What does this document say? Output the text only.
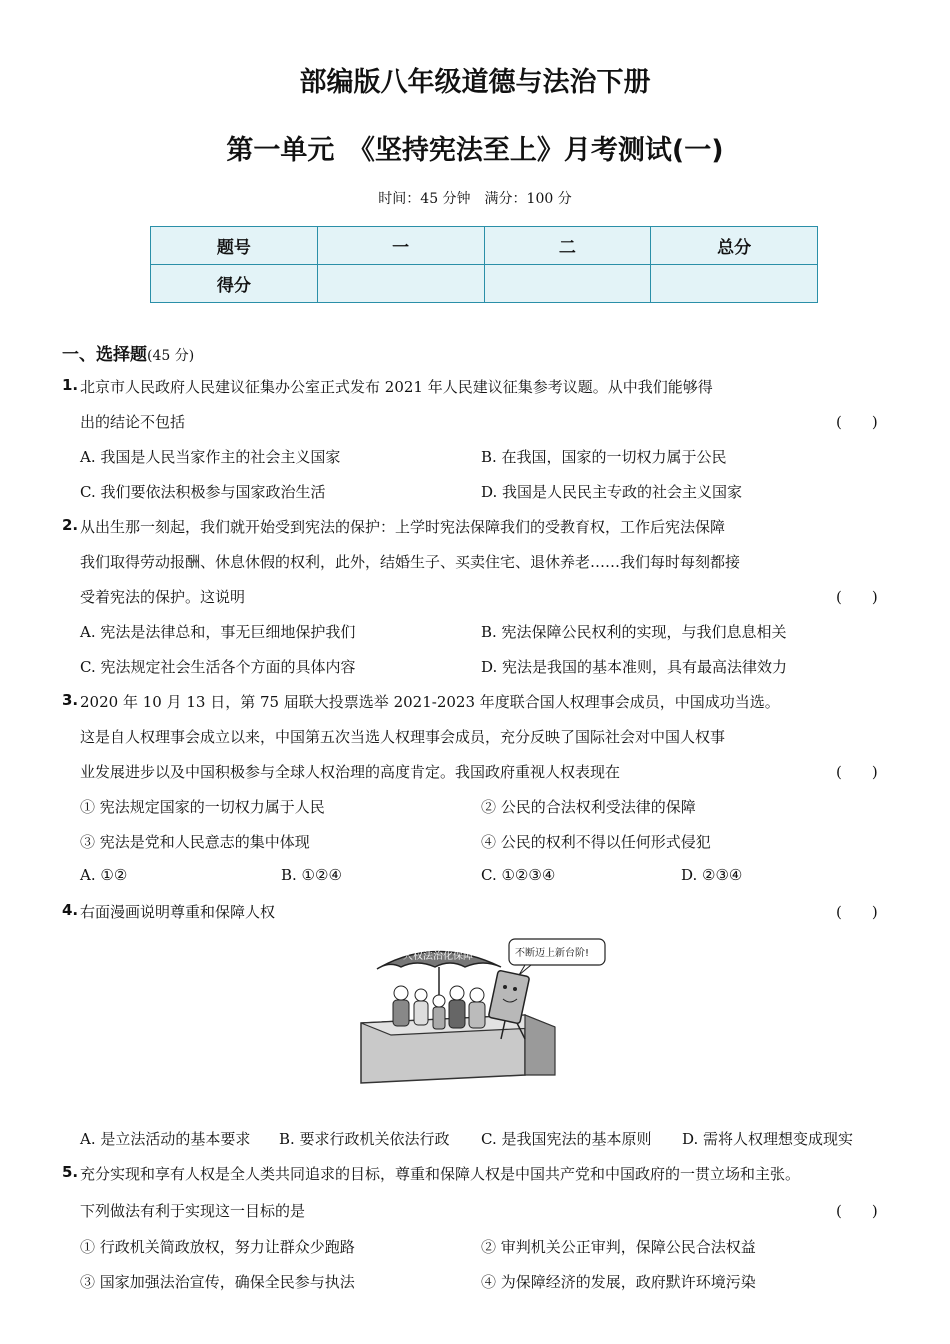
部编版八年级道德与法治下册
第一单元　《坚持宪法至上》月考测试(一)
时间：45 分钟　满分：100 分
题号	一	二	总分
得分			
一、选择题(45 分)
1. 北京市人民政府人民建议征集办公室正式发布 2021 年人民建议征集参考议题。从中我们能够得
出的结论不包括	(　　)
A. 我国是人民当家作主的社会主义国家	B. 在我国，国家的一切权力属于公民
C. 我们要依法积极参与国家政治生活	D. 我国是人民民主专政的社会主义国家
2. 从出生那一刻起，我们就开始受到宪法的保护：上学时宪法保障我们的受教育权，工作后宪法保障
我们取得劳动报酬、休息休假的权利，此外，结婚生子、买卖住宅、退休养老……我们每时每刻都接
受着宪法的保护。这说明	(　　)
A. 宪法是法律总和，事无巨细地保护我们	B. 宪法保障公民权利的实现，与我们息息相关
C. 宪法规定社会生活各个方面的具体内容	D. 宪法是我国的基本准则，具有最高法律效力
3. 2020 年 10 月 13 日，第 75 届联大投票选举 2021-2023 年度联合国人权理事会成员，中国成功当选。
这是自人权理事会成立以来，中国第五次当选人权理事会成员，充分反映了国际社会对中国人权事
业发展进步以及中国积极参与全球人权治理的高度肯定。我国政府重视人权表现在	(　　)
① 宪法规定国家的一切权力属于人民	② 公民的合法权利受法律的保障
③ 宪法是党和人民意志的集中体现	④ 公民的权利不得以任何形式侵犯
A. ①②	B. ①②④	C. ①②③④	D. ②③④
4. 右面漫画说明尊重和保障人权	(　　)
人权法治化保障	不断迈上新台阶!
A. 是立法活动的基本要求 B. 要求行政机关依法行政 C. 是我国宪法的基本原则 D. 需将人权理想变成现实
5. 充分实现和享有人权是全人类共同追求的目标，尊重和保障人权是中国共产党和中国政府的一贯立场和主张。
下列做法有利于实现这一目标的是	(　　)
① 行政机关简政放权，努力让群众少跑路	② 审判机关公正审判，保障公民合法权益
③ 国家加强法治宣传，确保全民参与执法	④ 为保障经济的发展，政府默许环境污染
